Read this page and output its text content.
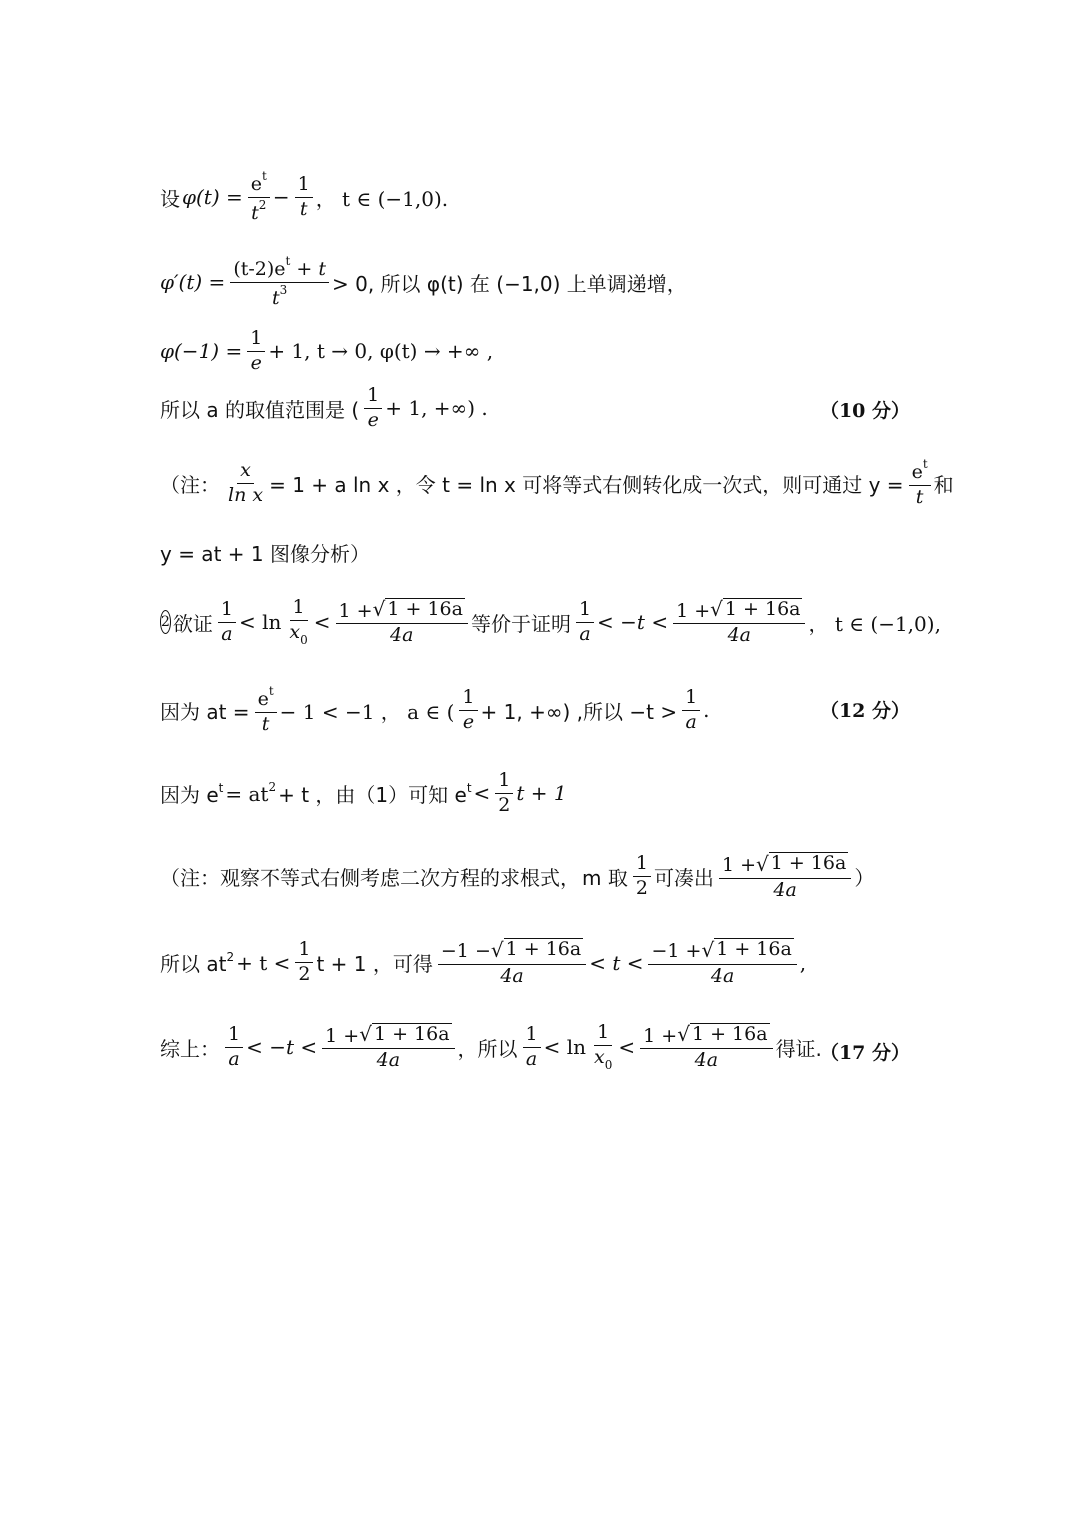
设 $\varphi(t) = \frac{e^t}{t^2} - \frac{1}{t}$ ， t ∈ (−1,0).
$\varphi'(t) = \frac{(t-2)e^t + t}{t^3} > 0$, 所以 φ(t) 在 (−1,0) 上单调递增，
$\varphi(-1) = \frac{1}{e} + 1$, t → 0, φ(t) → +∞ ,
所以 a 的取值范围是 ( $\frac{1}{e} + 1$, +∞) .	（10 分）
（注： $\frac{x}{\text{ln x}} = 1 + a$ ln x ，令 t = ln x 可将等式右侧转化成一次式，则可通过 $y = \frac{e^t}{t}$ 和
y = at + 1 图像分析）
2 欲证 $\frac{1}{a} < \ln \frac{1}{x_0} < \frac{1 + √ 1 + 16a}{4a}$ 等价于证明 $\frac{1}{a} < -t < \frac{1 + √ 1 + 16a}{4a}$ ， t ∈ (−1,0),
因为 at = $\frac{e^t}{t} - 1 < -1$ ， a ∈ ( $\frac{1}{e} + 1$, +∞) ,所以 $-t > \frac{1}{a}$ .	（12 分）
因为 $e^t = at^2 + t$ ，由（1）可知 $e^t < \frac{1}{2}$ t + 1
（注：观察不等式右侧考虑二次方程的求根式， m 取 $\frac{1}{2}$ 可凑出 $\frac{1 + √ 1 + 16a}{4a}$ ）
所以 $at^2 + t < \frac{1}{2}$ t + 1 ，可得 $\frac{-1 - √ 1 + 16a}{4a} < t < \frac{-1 + √ 1 + 16a}{4a}$ ,
综上： $\frac{1}{a} < -t < \frac{1 + √ 1 + 16a}{4a}$ ，所以 $\frac{1}{a} < \ln \frac{1}{x_0} < \frac{1 + √ 1 + 16a}{4a}$ 得证.
（17 分）
